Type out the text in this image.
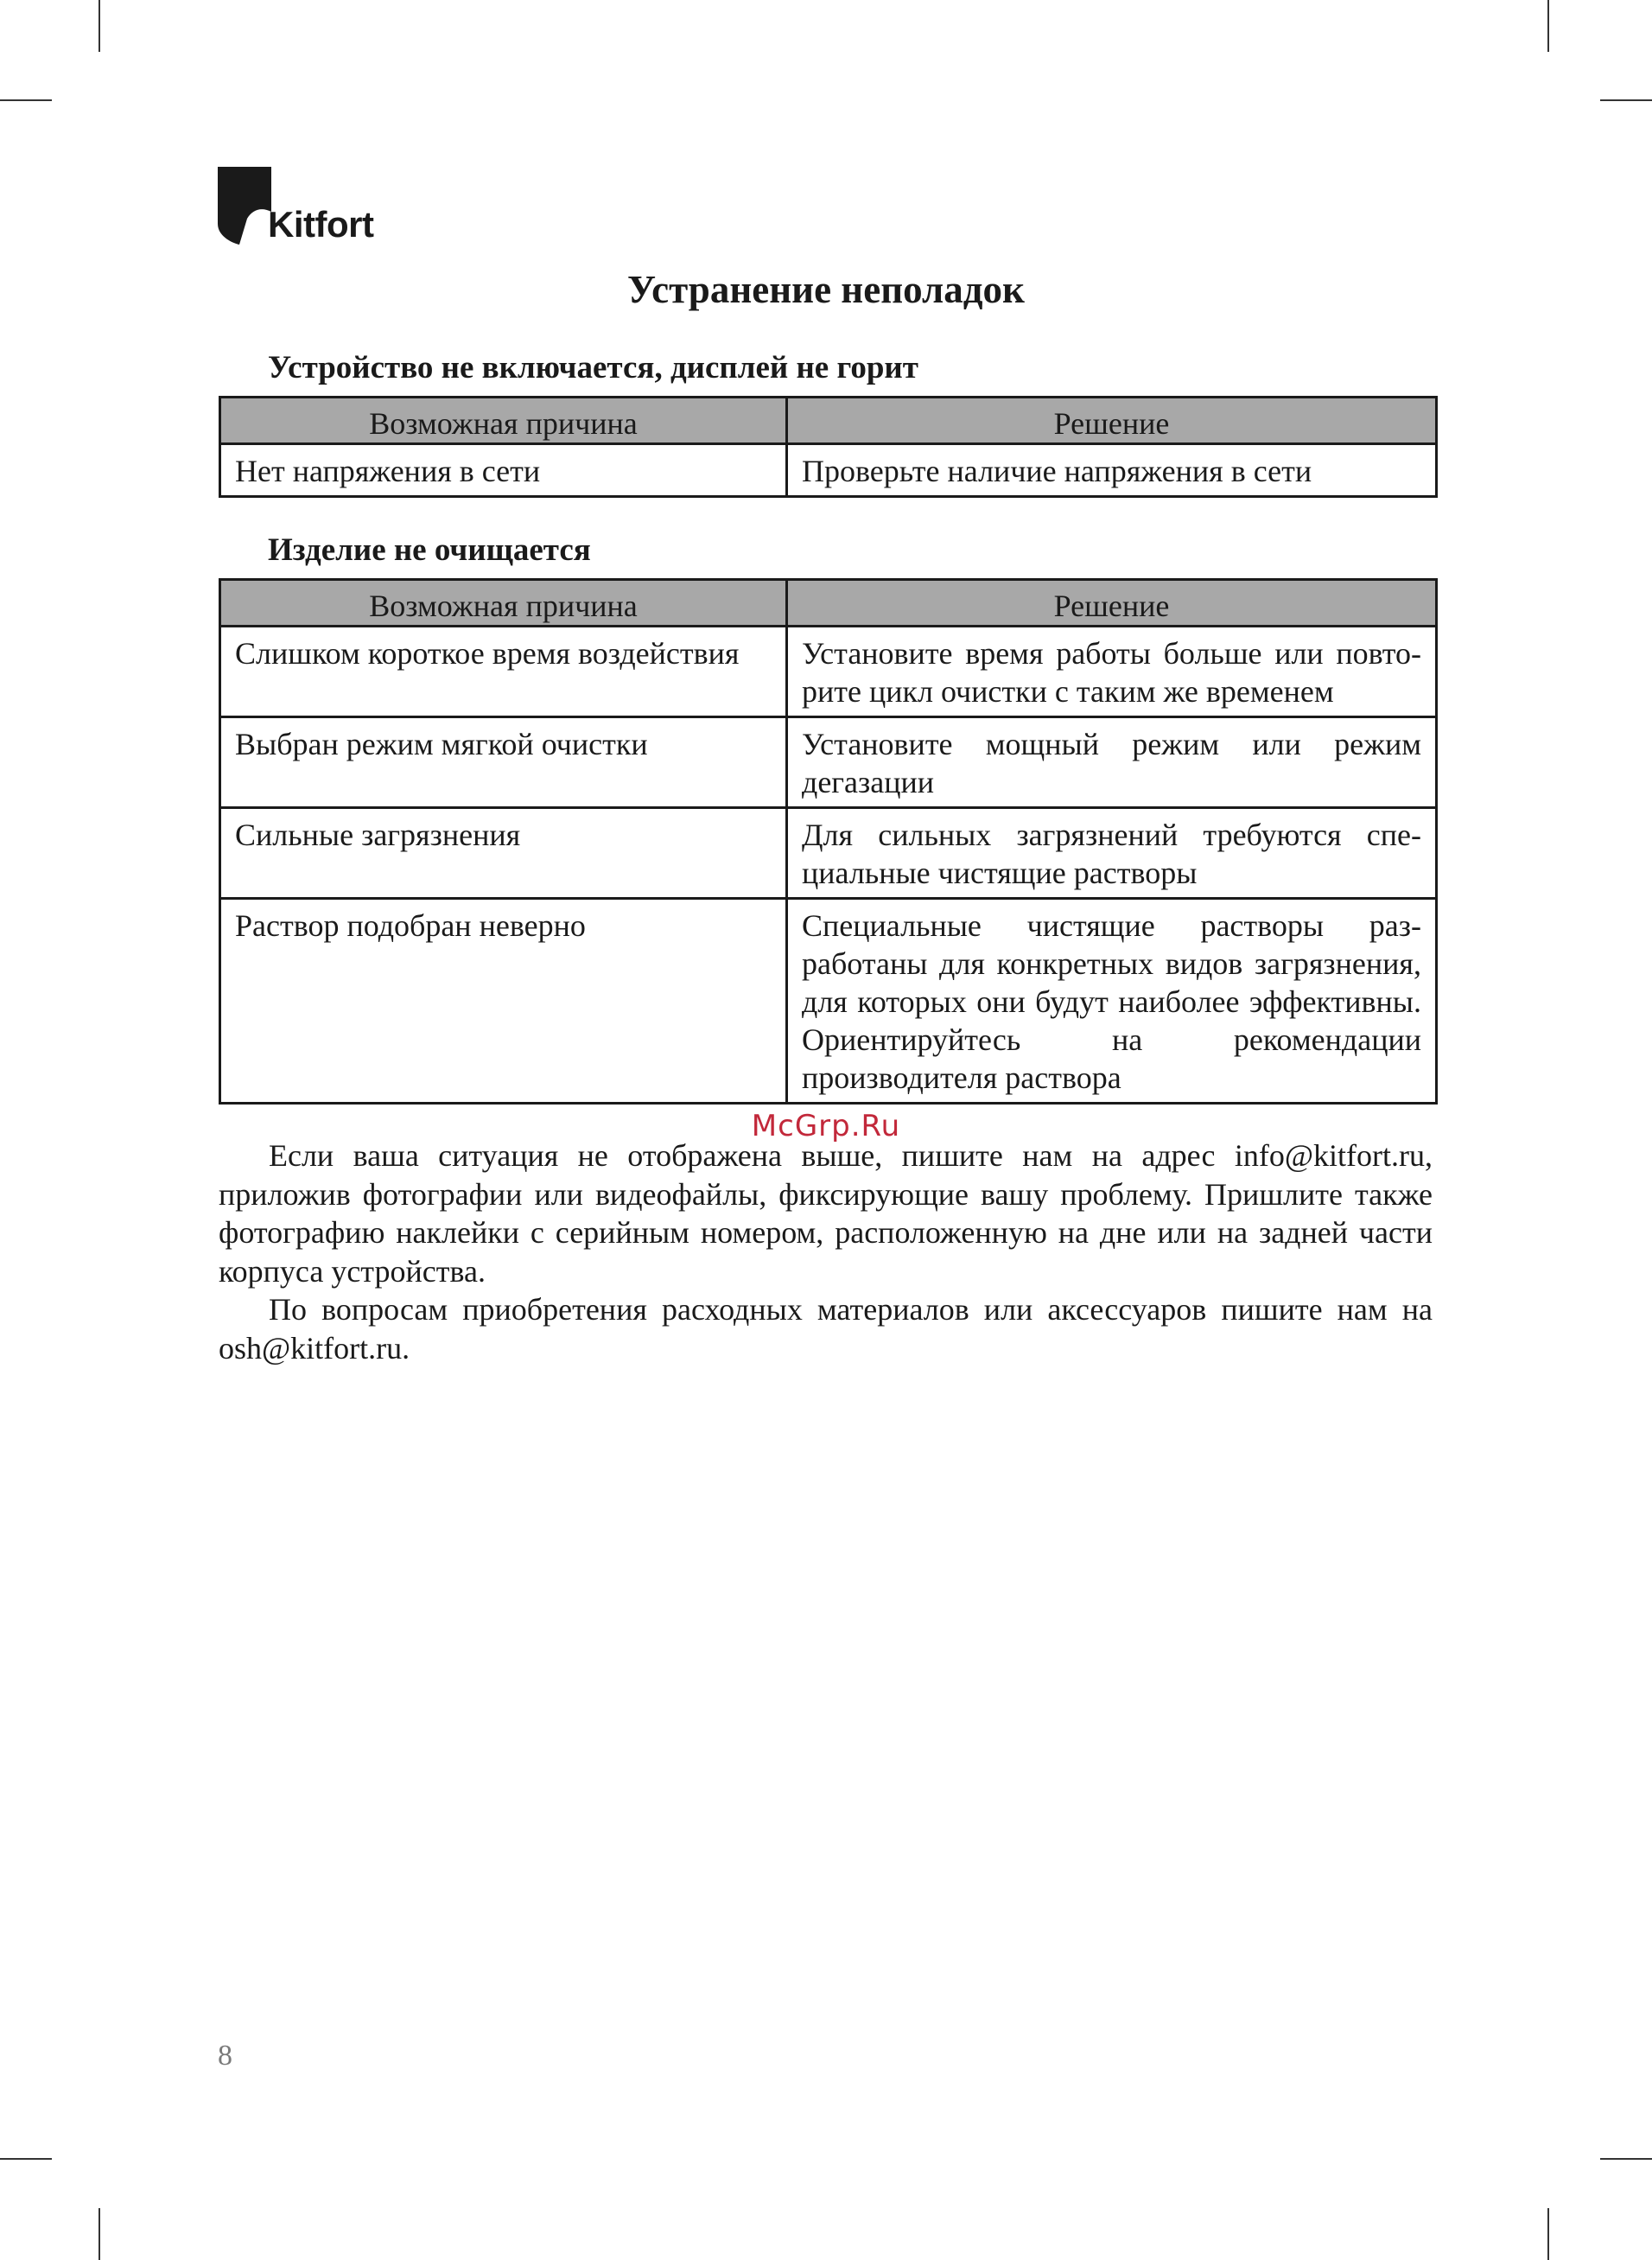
Kitfort
Устранение неполадок
Устройство не включается, дисплей не горит
Возможная причина	Решение
Нет напряжения в сети	Проверьте наличие напряжения в сети
Изделие не очищается
Возможная причина	Решение
Слишком короткое время воздействия	Установите время работы больше или повторите цикл очистки с таким же временем
Выбран режим мягкой очистки	Установите мощный режим или режим дегазации
Сильные загрязнения	Для сильных загрязнений требуются специальные чистящие растворы
Раствор подобран неверно	Специальные чистящие растворы разработаны для конкретных видов загрязнения, для которых они будут наиболее эффективны. Ориентируйтесь на рекомендации производителя раствора
McGrp.Ru

Если ваша ситуация не отображена выше, пишите нам на адрес info@kitfort.ru, приложив фотографии или видеофайлы, фиксирующие вашу проблему. Пришлите также фотографию наклейки с серийным номером, расположенную на дне или на задней части корпуса устройства.

По вопросам приобретения расходных материалов или аксессуаров пишите нам на osh@kitfort.ru.

8
